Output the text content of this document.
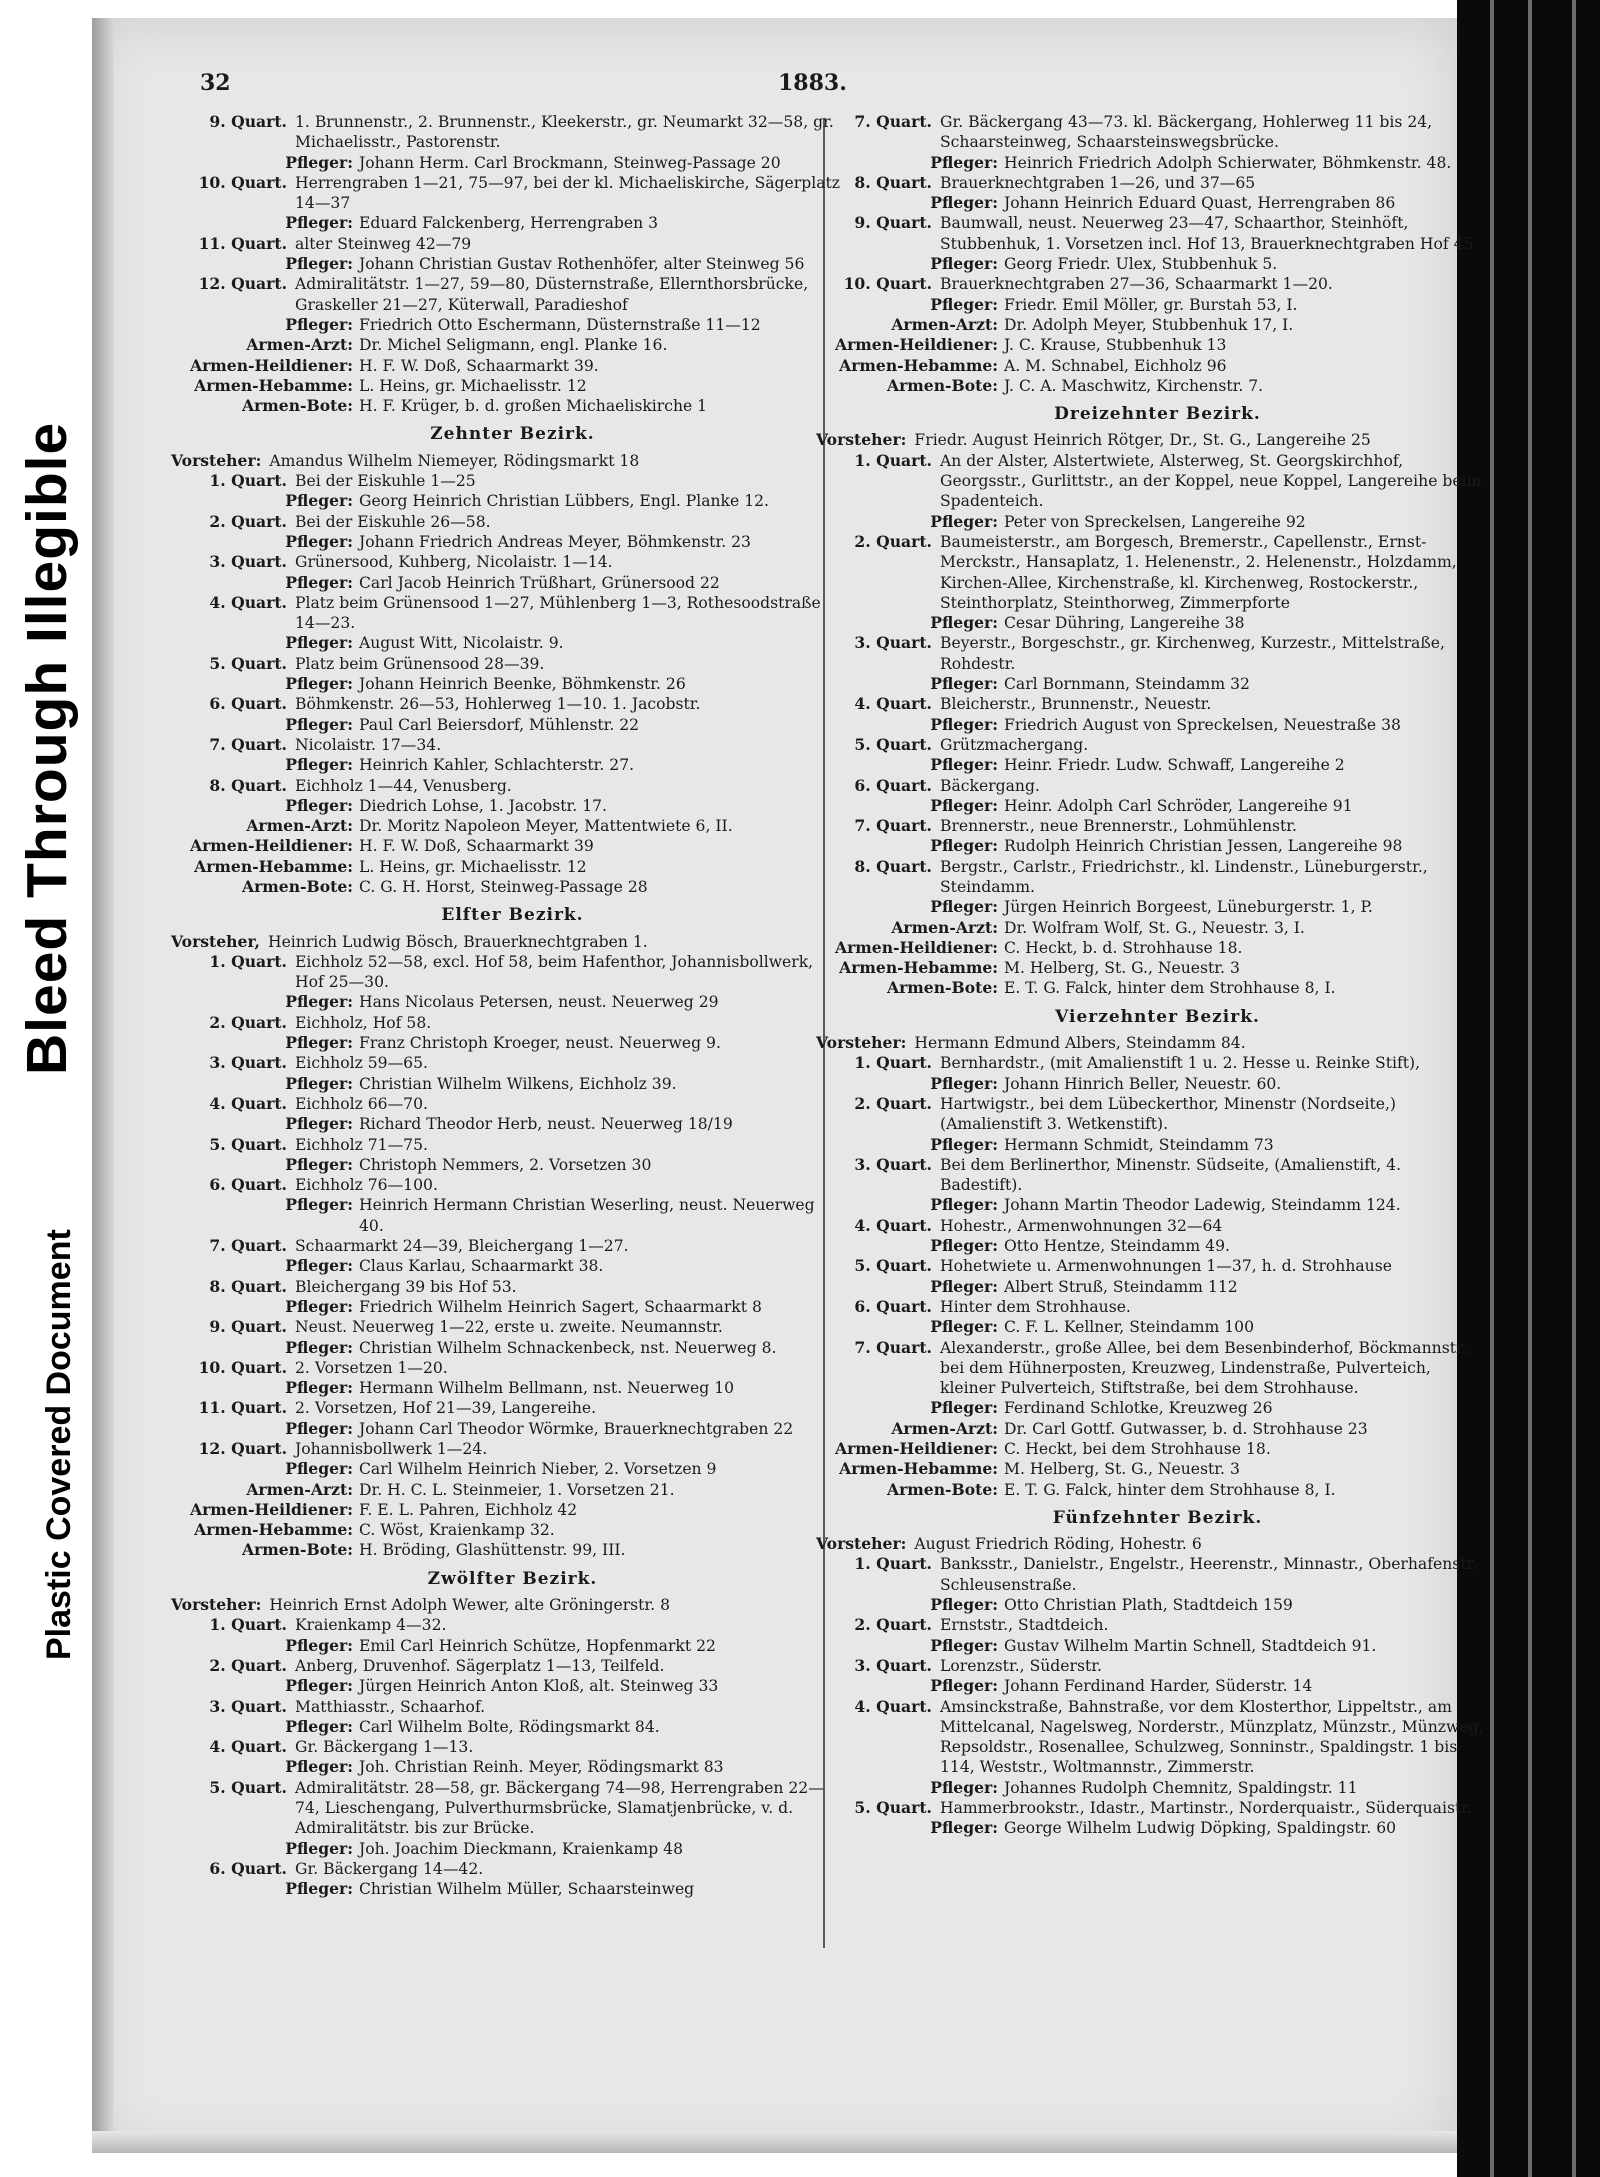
Bleed Through Illegible
Plastic Covered Document
32	1883.
9. Quart. 1. Brunnenstr., 2. Brunnenstr., Kleekerstr., gr. Neumarkt 32—58, gr. Michaelisstr., Pastorenstr.
Pfleger: Johann Herm. Carl Brockmann, Steinweg-Passage 20
10. Quart. Herrengraben 1—21, 75—97, bei der kl. Michaeliskirche, Sägerplatz 14—37
Pfleger: Eduard Falckenberg, Herrengraben 3
11. Quart. alter Steinweg 42—79
Pfleger: Johann Christian Gustav Rothenhöfer, alter Steinweg 56
12. Quart. Admiralitätstr. 1—27, 59—80, Düsternstraße, Ellernthorsbrücke, Graskeller 21—27, Küterwall, Paradieshof
Pfleger: Friedrich Otto Eschermann, Düsternstraße 11—12
Armen-Arzt: Dr. Michel Seligmann, engl. Planke 16.
Armen-Heildiener: H. F. W. Doß, Schaarmarkt 39.
Armen-Hebamme: L. Heins, gr. Michaelisstr. 12
Armen-Bote: H. F. Krüger, b. d. großen Michaeliskirche 1
Zehnter Bezirk.
Vorsteher: Amandus Wilhelm Niemeyer, Rödingsmarkt 18
1. Quart. Bei der Eiskuhle 1—25
Pfleger: Georg Heinrich Christian Lübbers, Engl. Planke 12.
2. Quart. Bei der Eiskuhle 26—58.
Pfleger: Johann Friedrich Andreas Meyer, Böhmkenstr. 23
3. Quart. Grünersood, Kuhberg, Nicolaistr. 1—14.
Pfleger: Carl Jacob Heinrich Trüßhart, Grünersood 22
4. Quart. Platz beim Grünensood 1—27, Mühlenberg 1—3, Rothesoodstraße 14—23.
Pfleger: August Witt, Nicolaistr. 9.
5. Quart. Platz beim Grünensood 28—39.
Pfleger: Johann Heinrich Beenke, Böhmkenstr. 26
6. Quart. Böhmkenstr. 26—53, Hohlerweg 1—10. 1. Jacobstr.
Pfleger: Paul Carl Beiersdorf, Mühlenstr. 22
7. Quart. Nicolaistr. 17—34.
Pfleger: Heinrich Kahler, Schlachterstr. 27.
8. Quart. Eichholz 1—44, Venusberg.
Pfleger: Diedrich Lohse, 1. Jacobstr. 17.
Armen-Arzt: Dr. Moritz Napoleon Meyer, Mattentwiete 6, II.
Armen-Heildiener: H. F. W. Doß, Schaarmarkt 39
Armen-Hebamme: L. Heins, gr. Michaelisstr. 12
Armen-Bote: C. G. H. Horst, Steinweg-Passage 28
Elfter Bezirk.
Vorsteher, Heinrich Ludwig Bösch, Brauerknechtgraben 1.
1. Quart. Eichholz 52—58, excl. Hof 58, beim Hafenthor, Johannisbollwerk, Hof 25—30.
Pfleger: Hans Nicolaus Petersen, neust. Neuerweg 29
2. Quart. Eichholz, Hof 58.
Pfleger: Franz Christoph Kroeger, neust. Neuerweg 9.
3. Quart. Eichholz 59—65.
Pfleger: Christian Wilhelm Wilkens, Eichholz 39.
4. Quart. Eichholz 66—70.
Pfleger: Richard Theodor Herb, neust. Neuerweg 18/19
5. Quart. Eichholz 71—75.
Pfleger: Christoph Nemmers, 2. Vorsetzen 30
6. Quart. Eichholz 76—100.
Pfleger: Heinrich Hermann Christian Weserling, neust. Neuerweg 40.
7. Quart. Schaarmarkt 24—39, Bleichergang 1—27.
Pfleger: Claus Karlau, Schaarmarkt 38.
8. Quart. Bleichergang 39 bis Hof 53.
Pfleger: Friedrich Wilhelm Heinrich Sagert, Schaarmarkt 8
9. Quart. Neust. Neuerweg 1—22, erste u. zweite. Neumannstr.
Pfleger: Christian Wilhelm Schnackenbeck, nst. Neuerweg 8.
10. Quart. 2. Vorsetzen 1—20.
Pfleger: Hermann Wilhelm Bellmann, nst. Neuerweg 10
11. Quart. 2. Vorsetzen, Hof 21—39, Langereihe.
Pfleger: Johann Carl Theodor Wörmke, Brauerknechtgraben 22
12. Quart. Johannisbollwerk 1—24.
Pfleger: Carl Wilhelm Heinrich Nieber, 2. Vorsetzen 9
Armen-Arzt: Dr. H. C. L. Steinmeier, 1. Vorsetzen 21.
Armen-Heildiener: F. E. L. Pahren, Eichholz 42
Armen-Hebamme: C. Wöst, Kraienkamp 32.
Armen-Bote: H. Bröding, Glashüttenstr. 99, III.
Zwölfter Bezirk.
Vorsteher: Heinrich Ernst Adolph Wewer, alte Gröningerstr. 8
1. Quart. Kraienkamp 4—32.
Pfleger: Emil Carl Heinrich Schütze, Hopfenmarkt 22
2. Quart. Anberg, Druvenhof. Sägerplatz 1—13, Teilfeld.
Pfleger: Jürgen Heinrich Anton Kloß, alt. Steinweg 33
3. Quart. Matthiasstr., Schaarhof.
Pfleger: Carl Wilhelm Bolte, Rödingsmarkt 84.
4. Quart. Gr. Bäckergang 1—13.
Pfleger: Joh. Christian Reinh. Meyer, Rödingsmarkt 83
5. Quart. Admiralitätstr. 28—58, gr. Bäckergang 74—98, Herrengraben 22—74, Lieschengang, Pulverthurmsbrücke, Slamatjenbrücke, v. d. Admiralitätstr. bis zur Brücke.
Pfleger: Joh. Joachim Dieckmann, Kraienkamp 48
6. Quart. Gr. Bäckergang 14—42.
Pfleger: Christian Wilhelm Müller, Schaarsteinweg
7. Quart. Gr. Bäckergang 43—73. kl. Bäckergang, Hohlerweg 11 bis 24, Schaarsteinweg, Schaarsteinswegsbrücke.
Pfleger: Heinrich Friedrich Adolph Schierwater, Böhmkenstr. 48.
8. Quart. Brauerknechtgraben 1—26, und 37—65
Pfleger: Johann Heinrich Eduard Quast, Herrengraben 86
9. Quart. Baumwall, neust. Neuerweg 23—47, Schaarthor, Steinhöft, Stubbenhuk, 1. Vorsetzen incl. Hof 13, Brauerknechtgraben Hof 45
Pfleger: Georg Friedr. Ulex, Stubbenhuk 5.
10. Quart. Brauerknechtgraben 27—36, Schaarmarkt 1—20.
Pfleger: Friedr. Emil Möller, gr. Burstah 53, I.
Armen-Arzt: Dr. Adolph Meyer, Stubbenhuk 17, I.
Armen-Heildiener: J. C. Krause, Stubbenhuk 13
Armen-Hebamme: A. M. Schnabel, Eichholz 96
Armen-Bote: J. C. A. Maschwitz, Kirchenstr. 7.
Dreizehnter Bezirk.
Vorsteher: Friedr. August Heinrich Rötger, Dr., St. G., Langereihe 25
1. Quart. An der Alster, Alstertwiete, Alsterweg, St. Georgskirchhof, Georgsstr., Gurlittstr., an der Koppel, neue Koppel, Langereihe beim Spadenteich.
Pfleger: Peter von Spreckelsen, Langereihe 92
2. Quart. Baumeisterstr., am Borgesch, Bremerstr., Capellenstr., Ernst-Merckstr., Hansaplatz, 1. Helenenstr., 2. Helenenstr., Holzdamm, Kirchen-Allee, Kirchenstraße, kl. Kirchenweg, Rostockerstr., Steinthorplatz, Steinthorweg, Zimmerpforte
Pfleger: Cesar Dühring, Langereihe 38
3. Quart. Beyerstr., Borgeschstr., gr. Kirchenweg, Kurzestr., Mittelstraße, Rohdestr.
Pfleger: Carl Bornmann, Steindamm 32
4. Quart. Bleicherstr., Brunnenstr., Neuestr.
Pfleger: Friedrich August von Spreckelsen, Neuestraße 38
5. Quart. Grützmachergang.
Pfleger: Heinr. Friedr. Ludw. Schwaff, Langereihe 2
6. Quart. Bäckergang.
Pfleger: Heinr. Adolph Carl Schröder, Langereihe 91
7. Quart. Brennerstr., neue Brennerstr., Lohmühlenstr.
Pfleger: Rudolph Heinrich Christian Jessen, Langereihe 98
8. Quart. Bergstr., Carlstr., Friedrichstr., kl. Lindenstr., Lüneburgerstr., Steindamm.
Pfleger: Jürgen Heinrich Borgeest, Lüneburgerstr. 1, P.
Armen-Arzt: Dr. Wolfram Wolf, St. G., Neuestr. 3, I.
Armen-Heildiener: C. Heckt, b. d. Strohhause 18.
Armen-Hebamme: M. Helberg, St. G., Neuestr. 3
Armen-Bote: E. T. G. Falck, hinter dem Strohhause 8, I.
Vierzehnter Bezirk.
Vorsteher: Hermann Edmund Albers, Steindamm 84.
1. Quart. Bernhardstr., (mit Amalienstift 1 u. 2. Hesse u. Reinke Stift),
Pfleger: Johann Hinrich Beller, Neuestr. 60.
2. Quart. Hartwigstr., bei dem Lübeckerthor, Minenstr (Nordseite,) (Amalienstift 3. Wetkenstift).
Pfleger: Hermann Schmidt, Steindamm 73
3. Quart. Bei dem Berlinerthor, Minenstr. Südseite, (Amalienstift, 4. Badestift).
Pfleger: Johann Martin Theodor Ladewig, Steindamm 124.
4. Quart. Hohestr., Armenwohnungen 32—64
Pfleger: Otto Hentze, Steindamm 49.
5. Quart. Hohetwiete u. Armenwohnungen 1—37, h. d. Strohhause
Pfleger: Albert Struß, Steindamm 112
6. Quart. Hinter dem Strohhause.
Pfleger: C. F. L. Kellner, Steindamm 100
7. Quart. Alexanderstr., große Allee, bei dem Besenbinderhof, Böckmannstr., bei dem Hühnerposten, Kreuzweg, Lindenstraße, Pulverteich, kleiner Pulverteich, Stiftstraße, bei dem Strohhause.
Pfleger: Ferdinand Schlotke, Kreuzweg 26
Armen-Arzt: Dr. Carl Gottf. Gutwasser, b. d. Strohhause 23
Armen-Heildiener: C. Heckt, bei dem Strohhause 18.
Armen-Hebamme: M. Helberg, St. G., Neuestr. 3
Armen-Bote: E. T. G. Falck, hinter dem Strohhause 8, I.
Fünfzehnter Bezirk.
Vorsteher: August Friedrich Röding, Hohestr. 6
1. Quart. Banksstr., Danielstr., Engelstr., Heerenstr., Minnastr., Oberhafenstr. Schleusenstraße.
Pfleger: Otto Christian Plath, Stadtdeich 159
2. Quart. Ernststr., Stadtdeich.
Pfleger: Gustav Wilhelm Martin Schnell, Stadtdeich 91.
3. Quart. Lorenzstr., Süderstr.
Pfleger: Johann Ferdinand Harder, Süderstr. 14
4. Quart. Amsinckstraße, Bahnstraße, vor dem Klosterthor, Lippeltstr., am Mittelcanal, Nagelsweg, Norderstr., Münzplatz, Münzstr., Münzweg, Repsoldstr., Rosenallee, Schulzweg, Sonninstr., Spaldingstr. 1 bis 114, Weststr., Woltmannstr., Zimmerstr.
Pfleger: Johannes Rudolph Chemnitz, Spaldingstr. 11
5. Quart. Hammerbrookstr., Idastr., Martinstr., Norderquaistr., Süderquaistr.
Pfleger: George Wilhelm Ludwig Döpking, Spaldingstr. 60
